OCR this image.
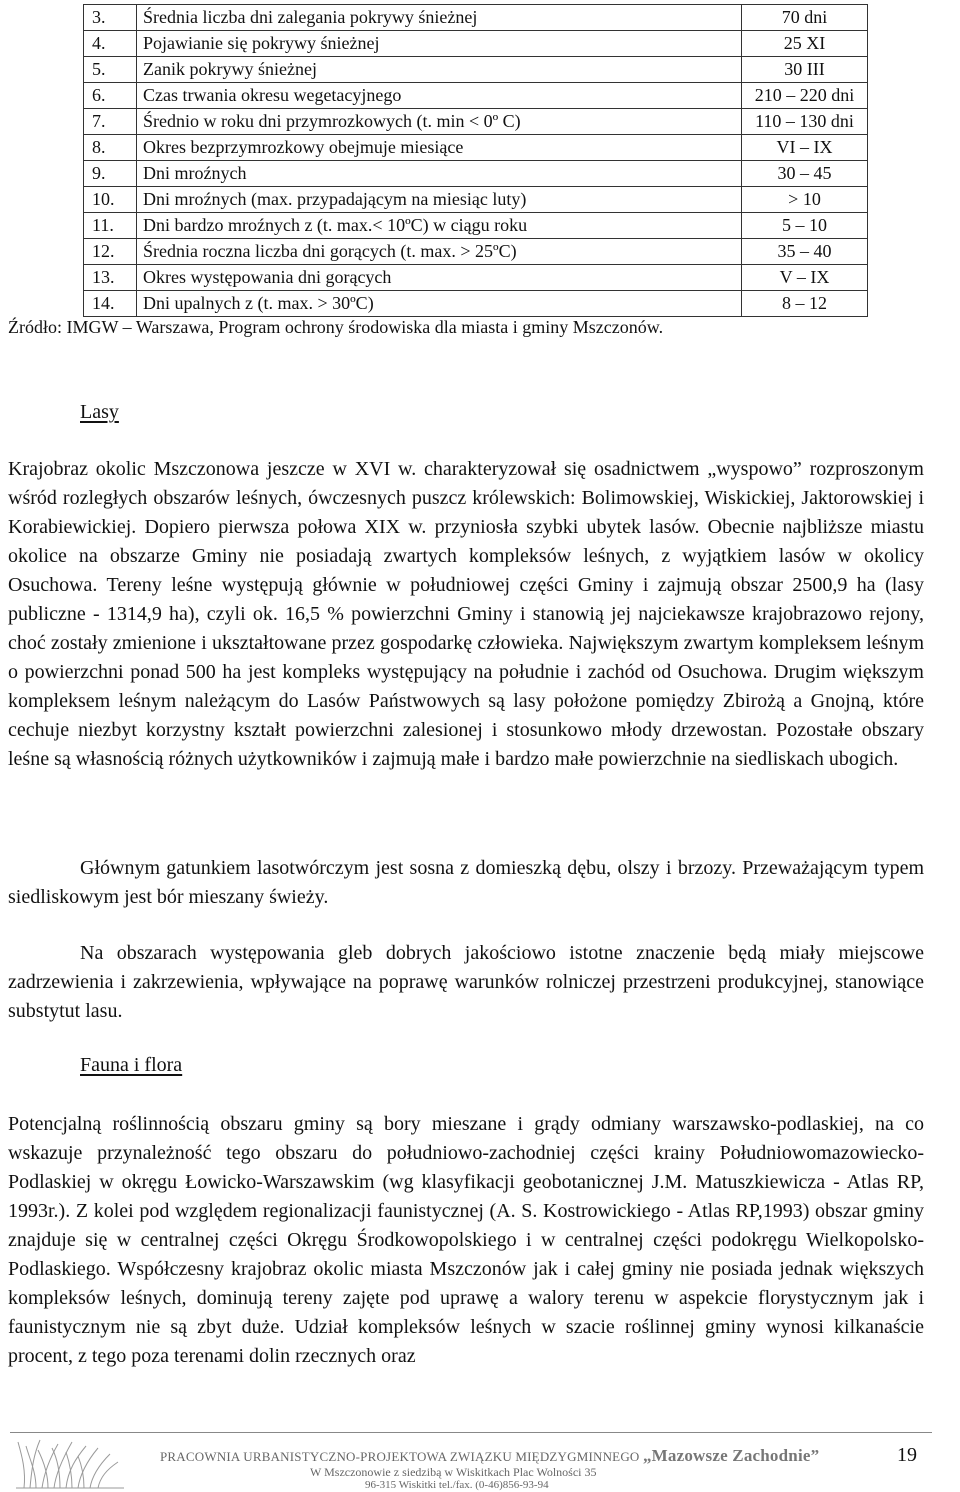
3.	Średnia liczba dni zalegania pokrywy śnieżnej	70 dni
4.	Pojawianie się pokrywy śnieżnej	25 XI
5.	Zanik pokrywy śnieżnej	30 III
6.	Czas trwania okresu wegetacyjnego	210 – 220 dni
7.	Średnio w roku dni przymrozkowych (t. min < 0º C)	110 – 130 dni
8.	Okres bezprzymrozkowy obejmuje miesiące	VI – IX
9.	Dni mroźnych	30 – 45
10.	Dni mroźnych (max. przypadającym na miesiąc luty)	> 10
11.	Dni bardzo mroźnych z (t. max.< 10ºC) w ciągu roku	5 – 10
12.	Średnia roczna liczba dni gorących (t. max. > 25ºC)	35 – 40
13.	Okres występowania dni gorących	V – IX
14.	Dni upalnych z (t. max. > 30ºC)	8 – 12
Źródło: IMGW – Warszawa, Program ochrony środowiska dla miasta i gminy Mszczonów.
Lasy

Krajobraz okolic Mszczonowa jeszcze w XVI w. charakteryzował się osadnictwem „wyspowo” rozproszonym wśród rozległych obszarów leśnych, ówczesnych puszcz królewskich: Bolimowskiej, Wiskickiej, Jaktorowskiej i Korabiewickiej. Dopiero pierwsza połowa XIX w. przyniosła szybki ubytek lasów. Obecnie najbliższe miastu okolice na obszarze Gminy nie posiadają zwartych kompleksów leśnych, z wyjątkiem lasów w okolicy Osuchowa. Tereny leśne występują głównie w południowej części Gminy i zajmują obszar 2500,9 ha (lasy publiczne - 1314,9 ha), czyli ok. 16,5 % powierzchni Gminy i stanowią jej najciekawsze krajobrazowo rejony, choć zostały zmienione i ukształtowane przez gospodarkę człowieka. Największym zwartym kompleksem leśnym o powierzchni ponad 500 ha jest kompleks występujący na południe i zachód od Osuchowa. Drugim większym kompleksem leśnym należącym do Lasów Państwowych są lasy położone pomiędzy Zbirożą a Gnojną, które cechuje niezbyt korzystny kształt powierzchni zalesionej i stosunkowo młody drzewostan. Pozostałe obszary leśne są własnością różnych użytkowników i zajmują małe i bardzo małe powierzchnie na siedliskach ubogich.

Głównym gatunkiem lasotwórczym jest sosna z domieszką dębu, olszy i brzozy. Przeważającym typem siedliskowym jest bór mieszany świeży.

Na obszarach występowania gleb dobrych jakościowo istotne znaczenie będą miały miejscowe zadrzewienia i zakrzewienia, wpływające na poprawę warunków rolniczej przestrzeni produkcyjnej, stanowiące substytut lasu.

Fauna i flora

Potencjalną roślinnością obszaru gminy są bory mieszane i grądy odmiany warszawsko-podlaskiej, na co wskazuje przynależność tego obszaru do południowo-zachodniej części krainy Południowomazowiecko-Podlaskiej w okręgu Łowicko-Warszawskim (wg klasyfikacji geobotanicznej J.M. Matuszkiewicza - Atlas RP, 1993r.). Z kolei pod względem regionalizacji faunistycznej (A. S. Kostrowickiego - Atlas RP,1993) obszar gminy znajduje się w centralnej części Okręgu Środkowopolskiego i w centralnej części podokręgu Wielkopolsko-Podlaskiego. Współczesny krajobraz okolic miasta Mszczonów jak i całej gminy nie posiada jednak większych kompleksów leśnych, dominują tereny zajęte pod uprawę a walory terenu w aspekcie florystycznym jak i faunistycznym nie są zbyt duże. Udział kompleksów leśnych w szacie roślinnej gminy wynosi kilkanaście procent, z tego poza terenami dolin rzecznych oraz

PRACOWNIA URBANISTYCZNO-PROJEKTOWA ZWIĄZKU MIĘDZYGMINNEGO „Mazowsze Zachodnie”
W Mszczonowie z siedzibą w Wiskitkach Plac Wolności 35
96-315 Wiskitki tel./fax. (0-46)856-93-94
19
